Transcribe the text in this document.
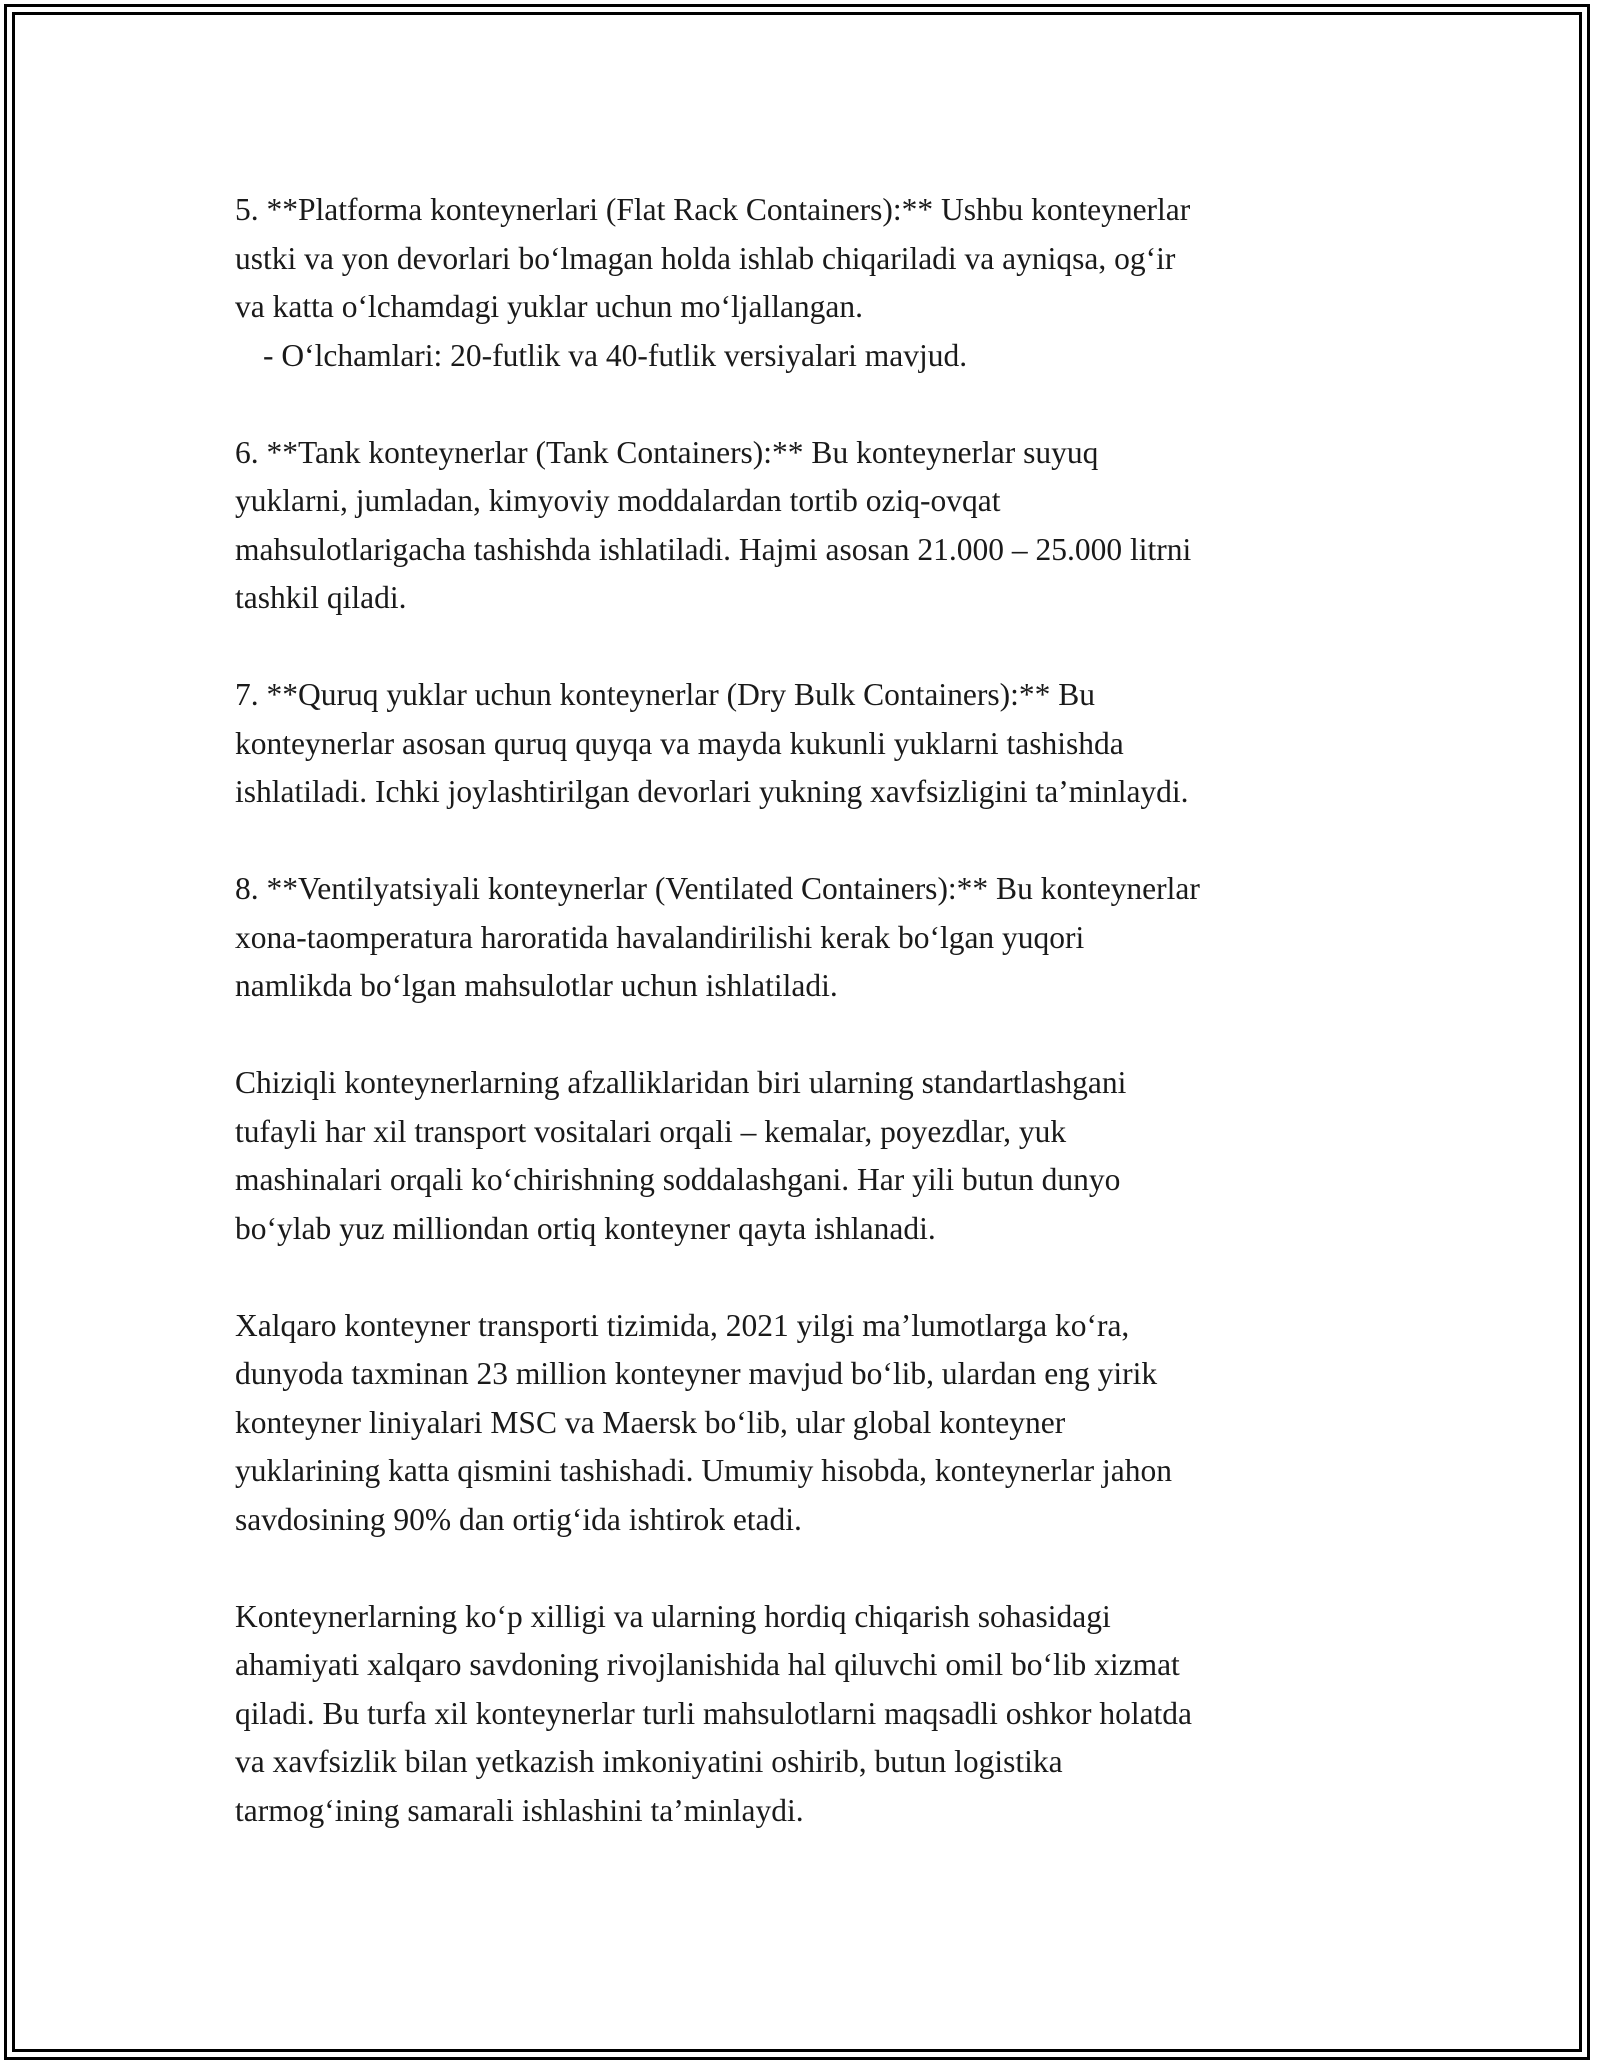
5. **Platforma konteynerlari (Flat Rack Containers):** Ushbu konteynerlar
ustki va yon devorlari bo‘lmagan holda ishlab chiqariladi va ayniqsa, og‘ir
va katta o‘lchamdagi yuklar uchun mo‘ljallangan.
- O‘lchamlari: 20-futlik va 40-futlik versiyalari mavjud.

6. **Tank konteynerlar (Tank Containers):** Bu konteynerlar suyuq
yuklarni, jumladan, kimyoviy moddalardan tortib oziq-ovqat
mahsulotlarigacha tashishda ishlatiladi. Hajmi asosan 21.000 – 25.000 litrni
tashkil qiladi.

7. **Quruq yuklar uchun konteynerlar (Dry Bulk Containers):** Bu
konteynerlar asosan quruq quyqa va mayda kukunli yuklarni tashishda
ishlatiladi. Ichki joylashtirilgan devorlari yukning xavfsizligini ta’minlaydi.

8. **Ventilyatsiyali konteynerlar (Ventilated Containers):** Bu konteynerlar
xona-taomperatura haroratida havalandirilishi kerak bo‘lgan yuqori
namlikda bo‘lgan mahsulotlar uchun ishlatiladi.

Chiziqli konteynerlarning afzalliklaridan biri ularning standartlashgani
tufayli har xil transport vositalari orqali – kemalar, poyezdlar, yuk
mashinalari orqali ko‘chirishning soddalashgani. Har yili butun dunyo
bo‘ylab yuz milliondan ortiq konteyner qayta ishlanadi.

Xalqaro konteyner transporti tizimida, 2021 yilgi ma’lumotlarga ko‘ra,
dunyoda taxminan 23 million konteyner mavjud bo‘lib, ulardan eng yirik
konteyner liniyalari MSC va Maersk bo‘lib, ular global konteyner
yuklarining katta qismini tashishadi. Umumiy hisobda, konteynerlar jahon
savdosining 90% dan ortig‘ida ishtirok etadi.

Konteynerlarning ko‘p xilligi va ularning hordiq chiqarish sohasidagi
ahamiyati xalqaro savdoning rivojlanishida hal qiluvchi omil bo‘lib xizmat
qiladi. Bu turfa xil konteynerlar turli mahsulotlarni maqsadli oshkor holatda
va xavfsizlik bilan yetkazish imkoniyatini oshirib, butun logistika
tarmog‘ining samarali ishlashini ta’minlaydi.
